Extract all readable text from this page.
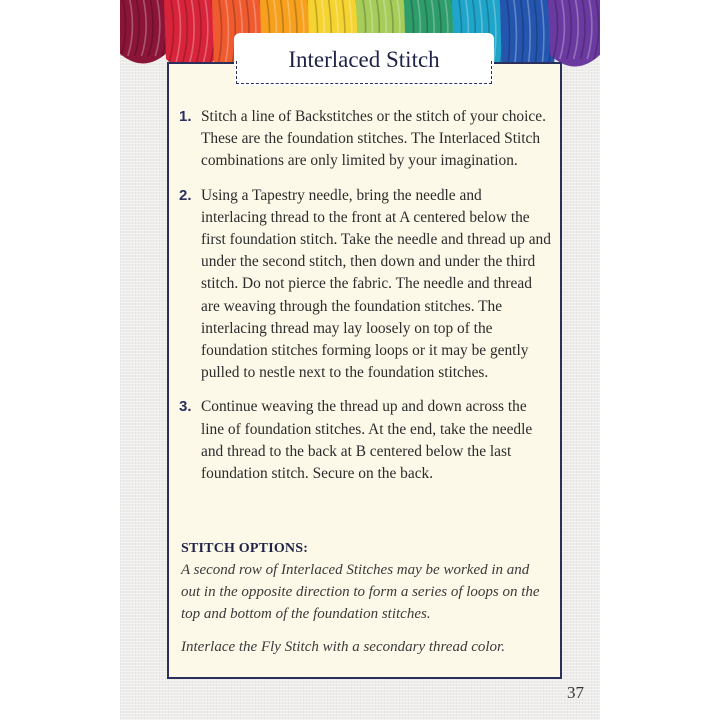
1. Stitch a line of Backstitches or the stitch of your choice. These are the foundation stitches. The Interlaced Stitch combinations are only limited by your imagination.
2. Using a Tapestry needle, bring the needle and interlacing thread to the front at A centered below the first foundation stitch. Take the needle and thread up and under the second stitch, then down and under the third stitch. Do not pierce the fabric. The needle and thread are weaving through the foundation stitches. The interlacing thread may lay loosely on top of the foundation stitches forming loops or it may be gently pulled to nestle next to the foundation stitches.
3. Continue weaving the thread up and down across the line of foundation stitches. At the end, take the needle and thread to the back at B centered below the last foundation stitch. Secure on the back.
STITCH OPTIONS:

A second row of Interlaced Stitches may be worked in and out in the opposite direction to form a series of loops on the top and bottom of the foundation stitches.

Interlace the Fly Stitch with a secondary thread color.

Interlaced Stitch
37
